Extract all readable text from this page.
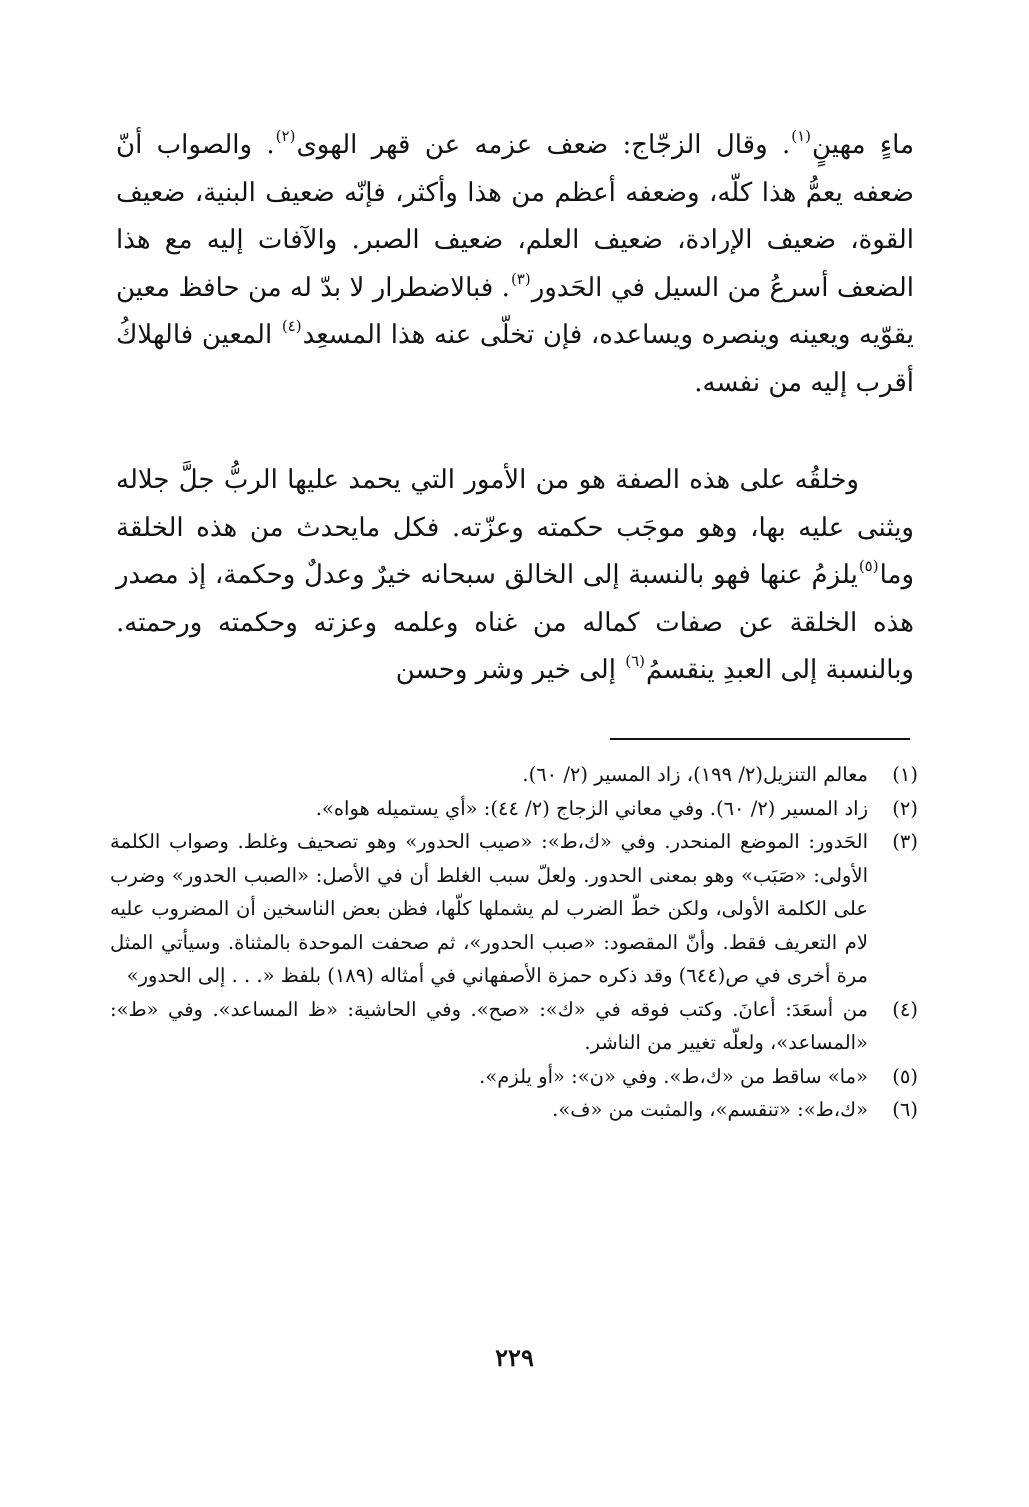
ماءٍ مهينٍ$^{(١)}$. وقال الزجّاج: ضعف عزمه عن قهر الهوى$^{(٢)}$. والصواب أنّ ضعفه يعمُّ هذا كلّه، وضعفه أعظم من هذا وأكثر، فإنّه ضعيف البنية، ضعيف القوة، ضعيف الإرادة، ضعيف العلم، ضعيف الصبر. والآفات إليه مع هذا الضعف أسرعُ من السيل في الحَدور$^{(٣)}$. فبالاضطرار لا بدّ له من حافظ معين يقوّيه ويعينه وينصره ويساعده، فإن تخلّى عنه هذا المسعِد$^{(٤)}$ المعين فالهلاكُ أقرب إليه من نفسه.

وخلقُه على هذه الصفة هو من الأمور التي يحمد عليها الربُّ جلَّ جلاله ويثنى عليه بها، وهو موجَب حكمته وعزّته. فكل مايحدث من هذه الخلقة وما$^{(٥)}$يلزمُ عنها فهو بالنسبة إلى الخالق سبحانه خيرٌ وعدلٌ وحكمة، إذ مصدر هذه الخلقة عن صفات كماله من غناه وعلمه وعزته وحكمته ورحمته. وبالنسبة إلى العبدِ ينقسمُ$^{(٦)}$ إلى خير وشر وحسن

(١)
معالم التنزيل(٢/ ١٩٩)، زاد المسير (٢/ ٦٠).
(٢)
زاد المسير (٢/ ٦٠). وفي معاني الزجاج (٢/ ٤٤): «أي يستميله هواه».
(٣)
الحَدور: الموضع المنحدر. وفي «ك،ط»: «صيب الحدور» وهو تصحيف وغلط. وصواب الكلمة الأولى: «صَبَب» وهو بمعنى الحدور. ولعلّ سبب الغلط أن في الأصل: «الصبب الحدور» وضرب على الكلمة الأولى، ولكن خطّ الضرب لم يشملها كلّها، فظن بعض الناسخين أن المضروب عليه لام التعريف فقط. وأنّ المقصود: «صبب الحدور»، ثم صحفت الموحدة بالمثناة. وسيأتي المثل مرة أخرى في ص(٦٤٤) وقد ذكره حمزة الأصفهاني في أمثاله (١٨٩) بلفظ «. . . إلى الحدور»
(٤)
من أسعَدَ: أعانَ. وكتب فوقه في «ك»: «صح». وفي الحاشية: «ظ المساعد». وفي «ط»: «المساعد»، ولعلّه تغيير من الناشر.
(٥)
«ما» ساقط من «ك،ط». وفي «ن»: «أو يلزم».
(٦)
«ك،ط»: «تنقسم»، والمثبت من «ف».
٢٢٩
